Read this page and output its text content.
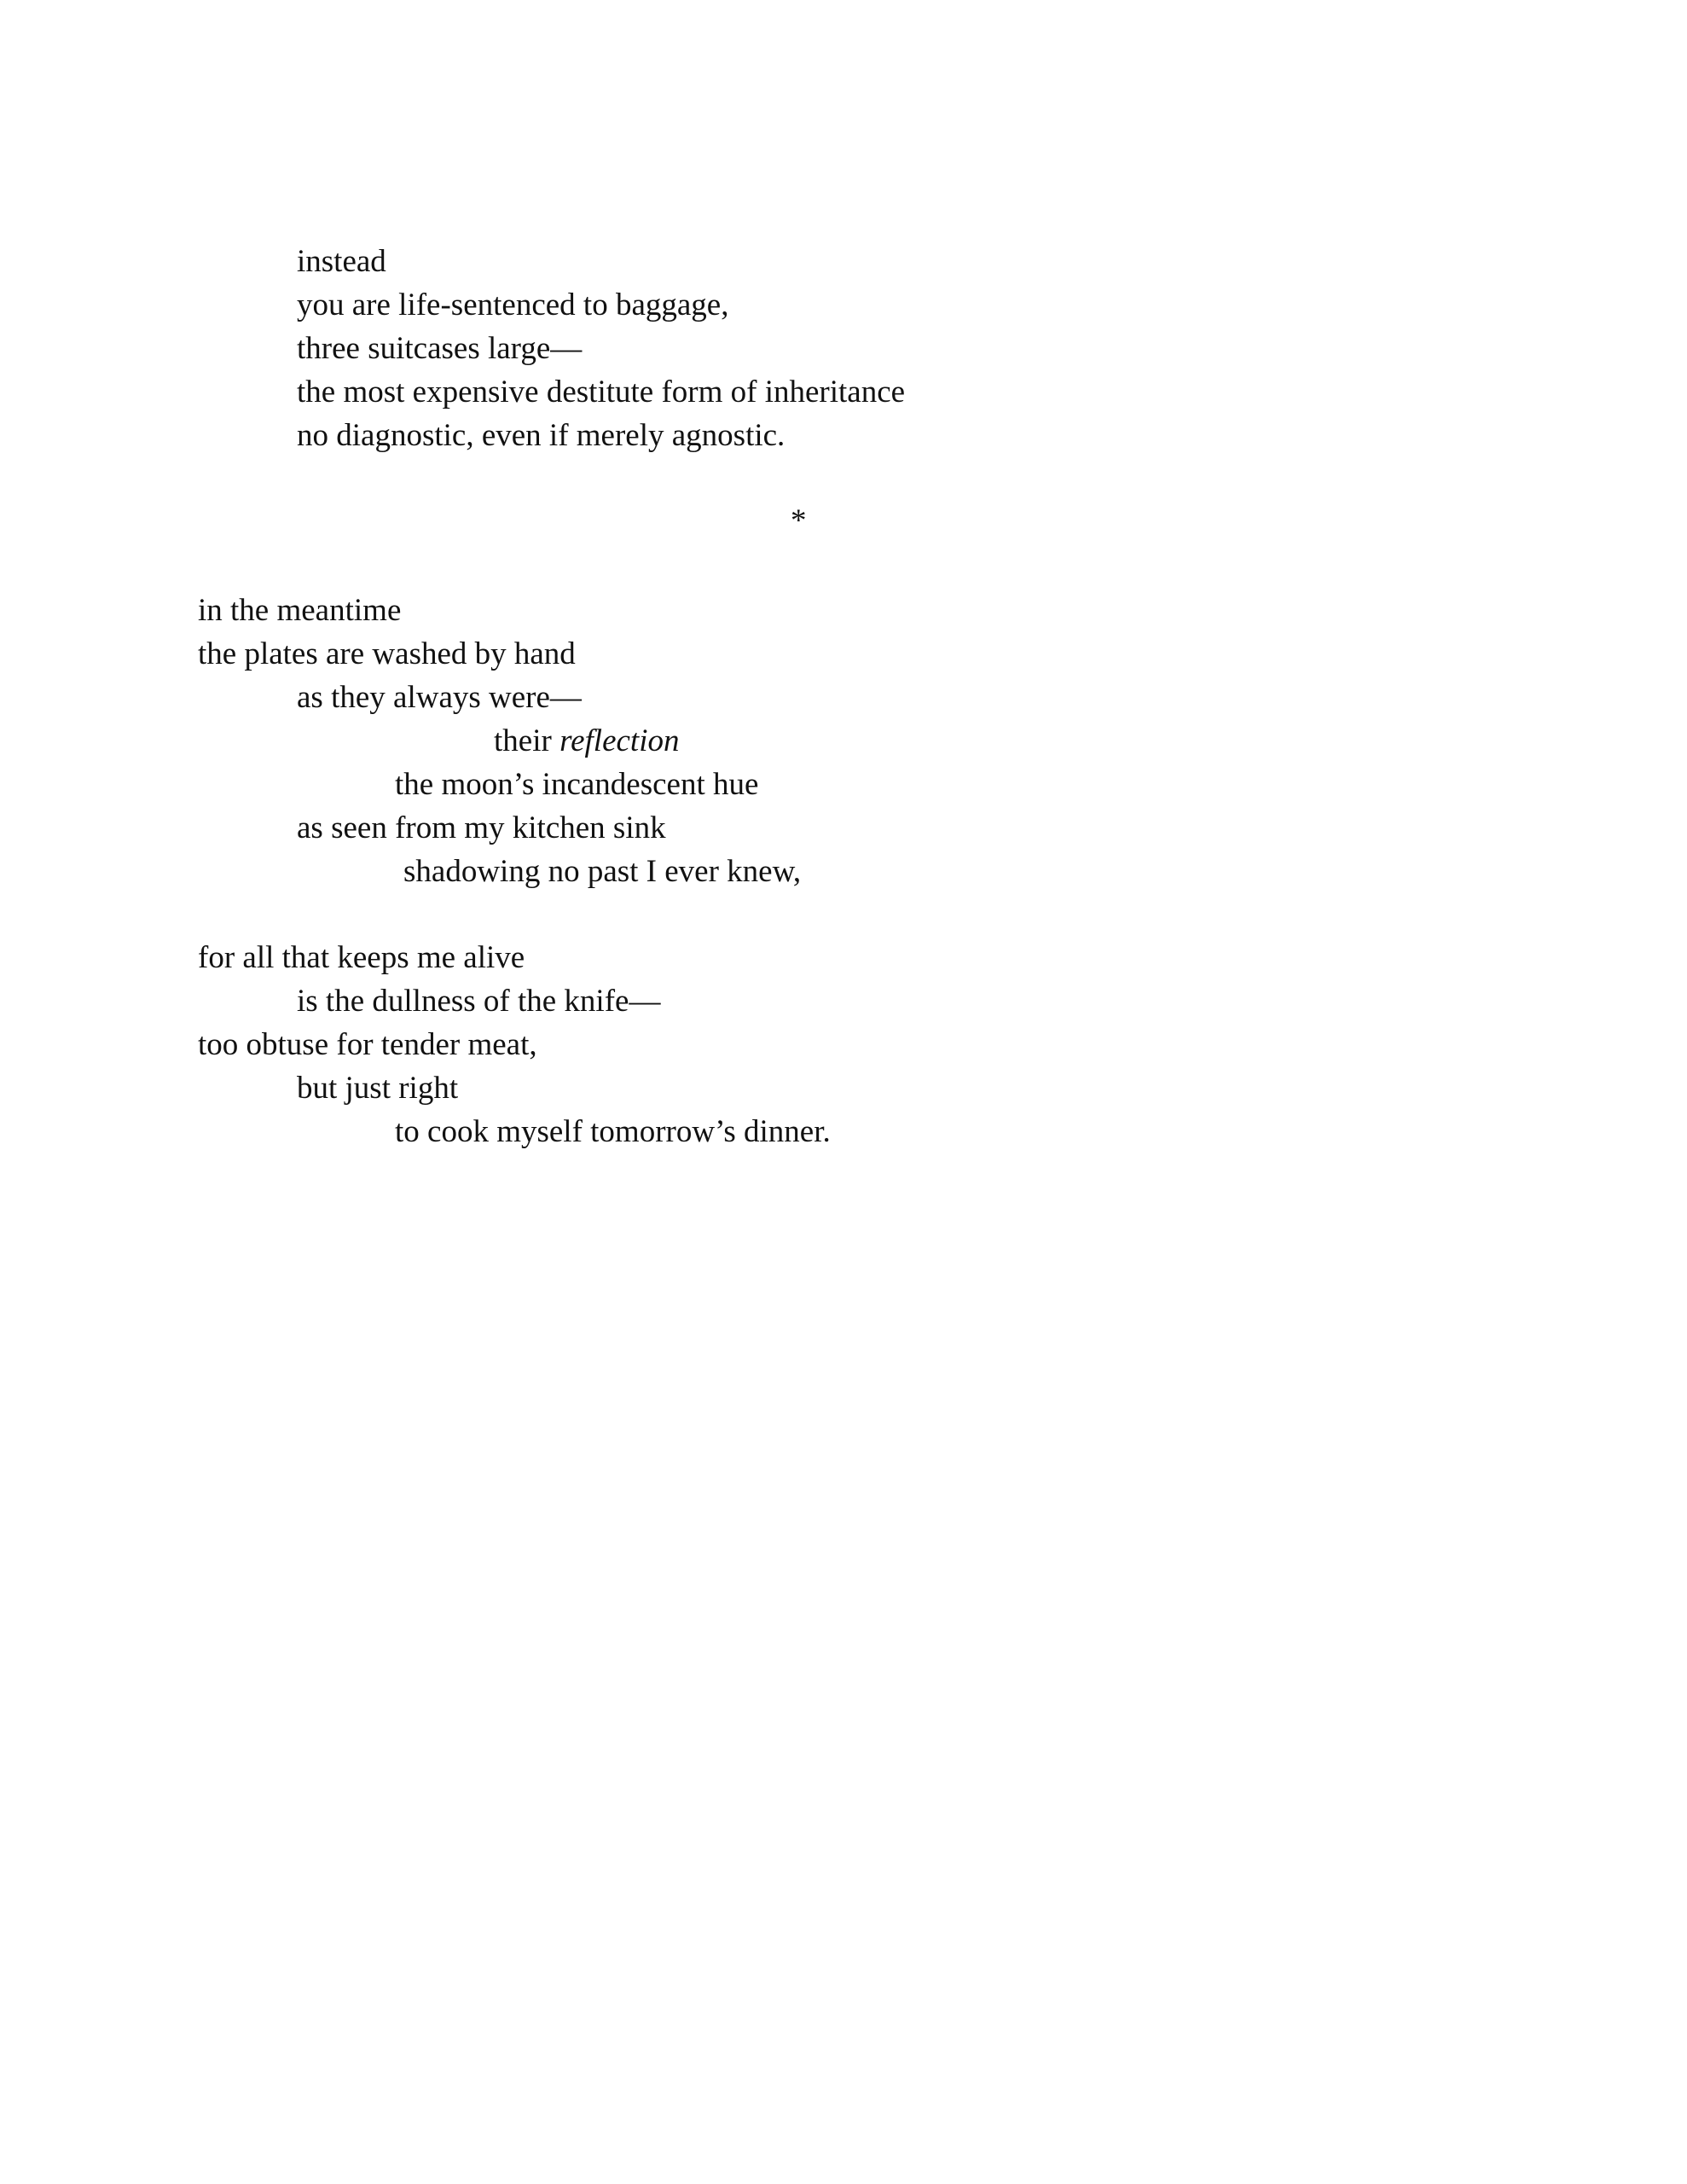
instead
you are life-sentenced to baggage,
three suitcases large—
the most expensive destitute form of inheritance
no diagnostic, even if merely agnostic.
*
in the meantime
the plates are washed by hand
as they always were—
their reflection
the moon’s incandescent hue
as seen from my kitchen sink
shadowing no past I ever knew,
for all that keeps me alive
is the dullness of the knife—
too obtuse for tender meat,
but just right
to cook myself tomorrow’s dinner.
